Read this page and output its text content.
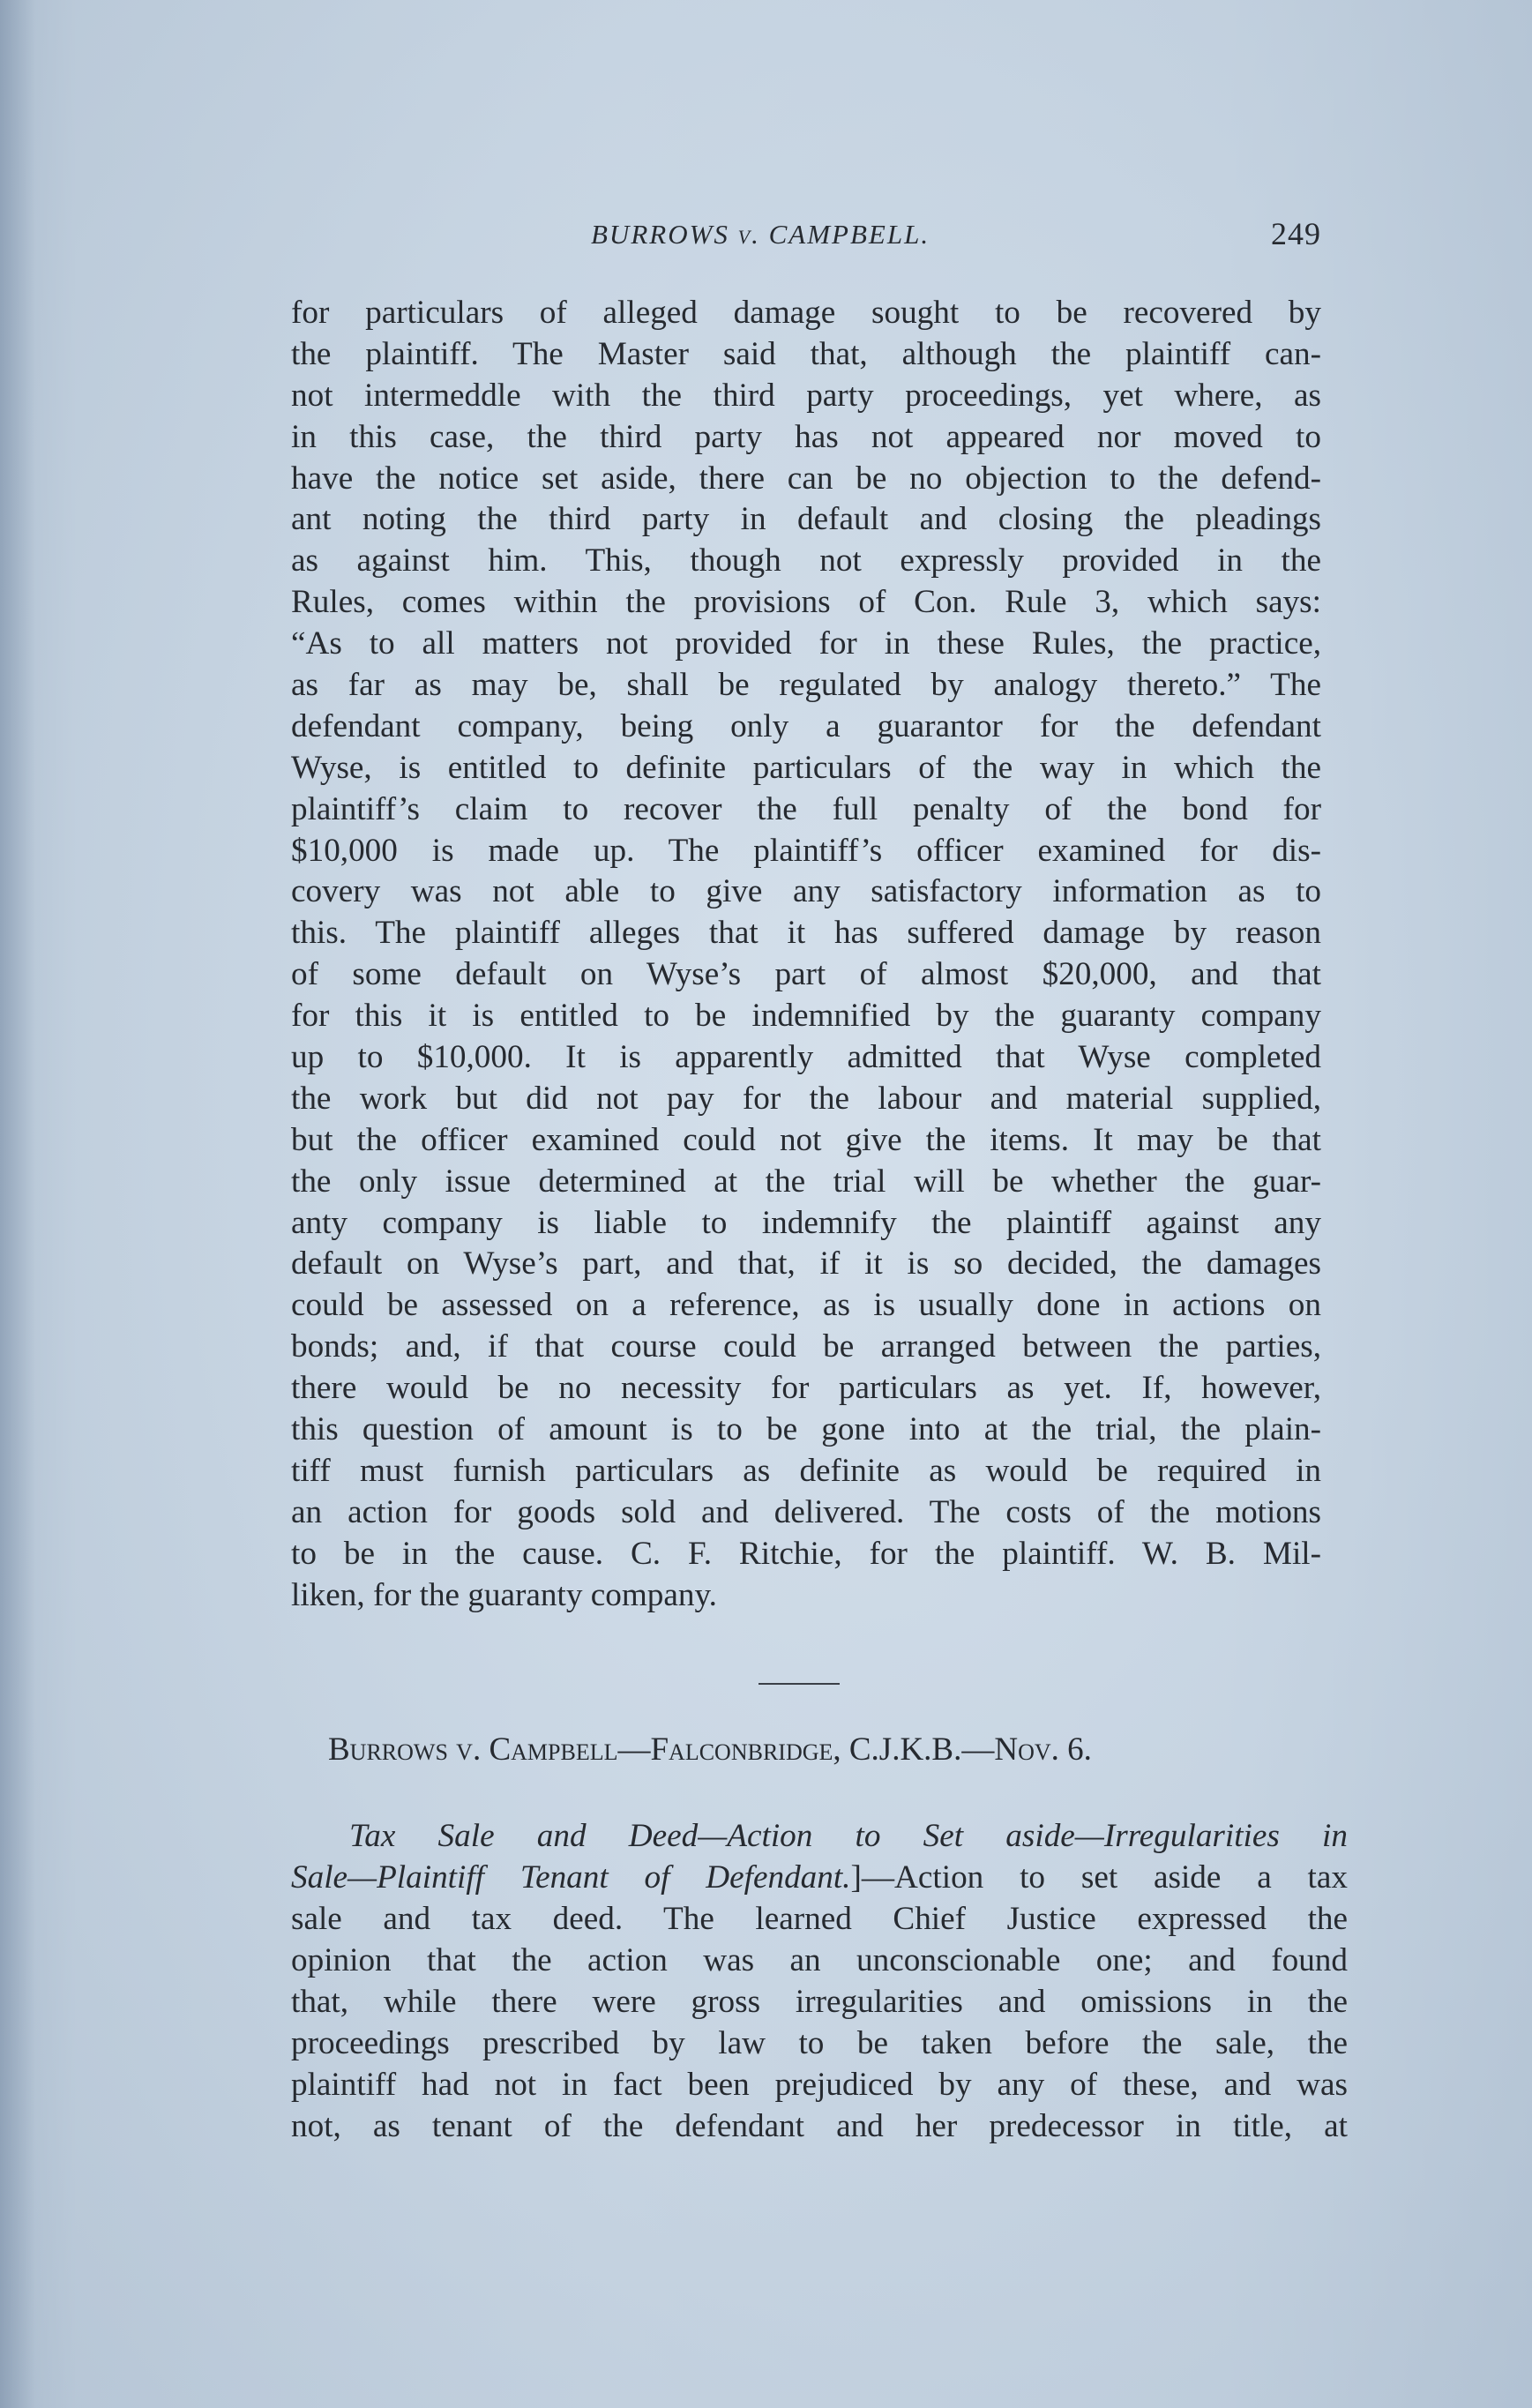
BURROWS v. CAMPBELL.	249
for particulars of alleged damage sought to be recovered by
the plaintiff. The Master said that, although the plaintiff can-
not intermeddle with the third party proceedings, yet where, as
in this case, the third party has not appeared nor moved to
have the notice set aside, there can be no objection to the defend-
ant noting the third party in default and closing the pleadings
as against him. This, though not expressly provided in the
Rules, comes within the provisions of Con. Rule 3, which says:
“As to all matters not provided for in these Rules, the practice,
as far as may be, shall be regulated by analogy thereto.” The
defendant company, being only a guarantor for the defendant
Wyse, is entitled to definite particulars of the way in which the
plaintiff’s claim to recover the full penalty of the bond for
$10,000 is made up. The plaintiff’s officer examined for dis-
covery was not able to give any satisfactory information as to
this. The plaintiff alleges that it has suffered damage by reason
of some default on Wyse’s part of almost $20,000, and that
for this it is entitled to be indemnified by the guaranty company
up to $10,000. It is apparently admitted that Wyse completed
the work but did not pay for the labour and material supplied,
but the officer examined could not give the items. It may be that
the only issue determined at the trial will be whether the guar-
anty company is liable to indemnify the plaintiff against any
default on Wyse’s part, and that, if it is so decided, the damages
could be assessed on a reference, as is usually done in actions on
bonds; and, if that course could be arranged between the parties,
there would be no necessity for particulars as yet. If, however,
this question of amount is to be gone into at the trial, the plain-
tiff must furnish particulars as definite as would be required in
an action for goods sold and delivered. The costs of the motions
to be in the cause. C. F. Ritchie, for the plaintiff. W. B. Mil-
liken, for the guaranty company.
Burrows v. Campbell—Falconbridge, C.J.K.B.—Nov. 6.
Tax Sale and Deed—Action to Set aside—Irregularities in
Sale—Plaintiff Tenant of Defendant.]—Action to set aside a tax
sale and tax deed. The learned Chief Justice expressed the
opinion that the action was an unconscionable one; and found
that, while there were gross irregularities and omissions in the
proceedings prescribed by law to be taken before the sale, the
plaintiff had not in fact been prejudiced by any of these, and was
not, as tenant of the defendant and her predecessor in title, at
